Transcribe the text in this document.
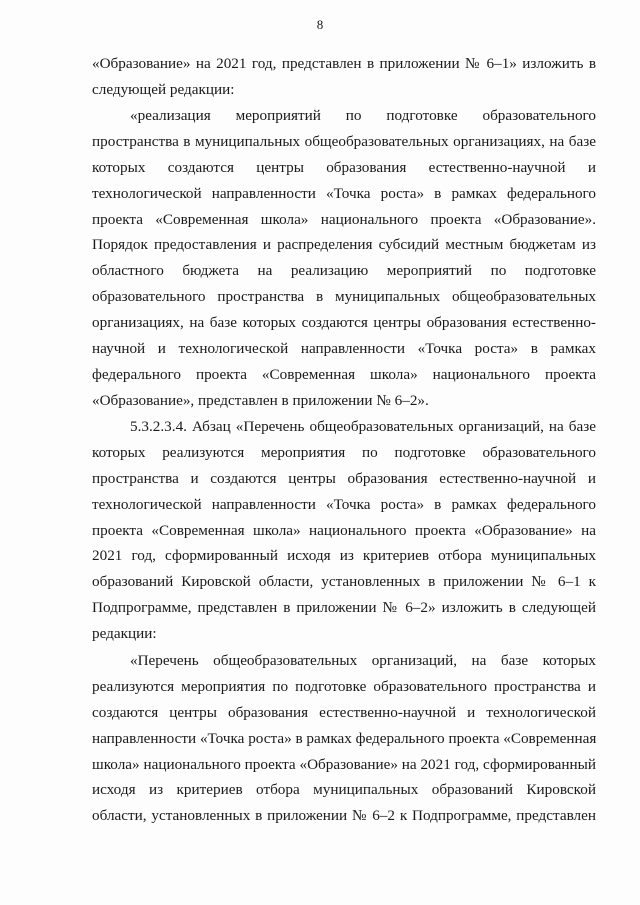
8
«Образование» на 2021 год, представлен в приложении № 6–1» изложить в
следующей редакции:
«реализация мероприятий по подготовке образовательного
пространства в муниципальных общеобразовательных организациях, на базе
которых создаются центры образования естественно-научной и
технологической направленности «Точка роста» в рамках федерального
проекта «Современная школа» национального проекта «Образование».
Порядок предоставления и распределения субсидий местным бюджетам из
областного бюджета на реализацию мероприятий по подготовке
образовательного пространства в муниципальных общеобразовательных
организациях, на базе которых создаются центры образования естественно-
научной и технологической направленности «Точка роста» в рамках
федерального проекта «Современная школа» национального проекта
«Образование», представлен в приложении № 6–2».
5.3.2.3.4. Абзац «Перечень общеобразовательных организаций, на базе
которых реализуются мероприятия по подготовке образовательного
пространства и создаются центры образования естественно-научной и
технологической направленности «Точка роста» в рамках федерального
проекта «Современная школа» национального проекта «Образование» на
2021 год, сформированный исходя из критериев отбора муниципальных
образований Кировской области, установленных в приложении № 6–1 к
Подпрограмме, представлен в приложении № 6–2» изложить в следующей
редакции:
«Перечень общеобразовательных организаций, на базе которых
реализуются мероприятия по подготовке образовательного пространства и
создаются центры образования естественно-научной и технологической
направленности «Точка роста» в рамках федерального проекта «Современная
школа» национального проекта «Образование» на 2021 год, сформированный
исходя из критериев отбора муниципальных образований Кировской
области, установленных в приложении № 6–2 к Подпрограмме, представлен
